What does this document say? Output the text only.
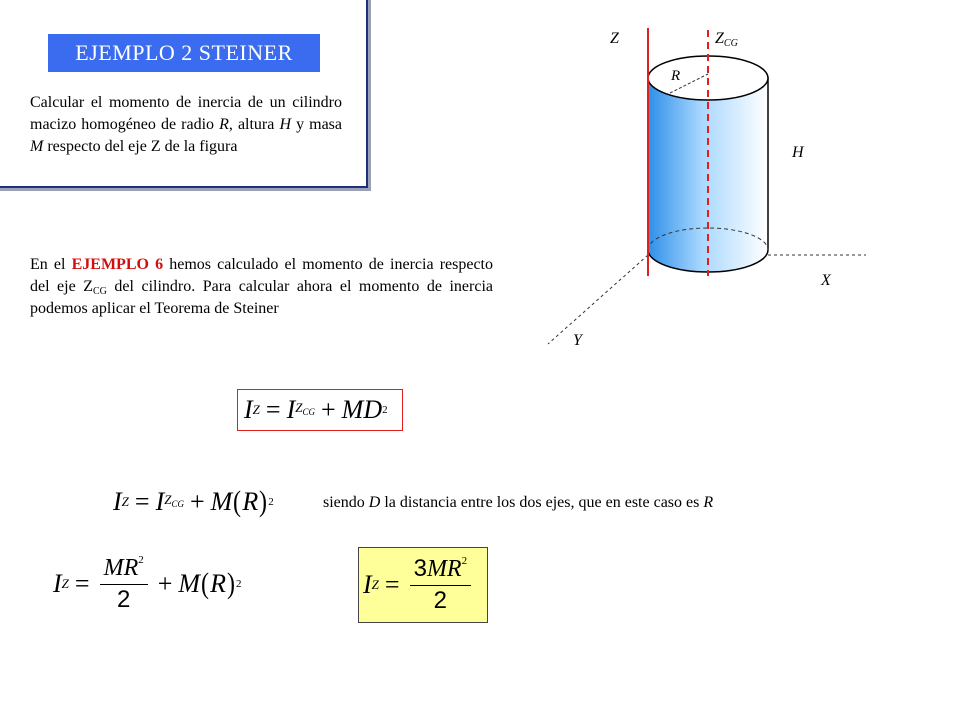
EJEMPLO 2 STEINER
Calcular el momento de inercia de un cilindro macizo homogéneo de radio R, altura H y masa M respecto del eje Z de la figura
En el EJEMPLO 6 hemos calculado el momento de inercia respecto del eje $Z_{CG}$ del cilindro. Para calcular ahora el momento de inercia podemos aplicar el Teorema de Steiner
Z	ZCG
R
H
X
Y
I Z = I $Z_{CG}$ + MD 2
I Z = I $Z_{CG} + M$ ( R ) 2	siendo D la distancia entre los dos ejes, que en este caso es R
I $Z = \frac{MR^2}{2} + M$ ( R ) 2	I $Z = \frac{3MR^2}{2}$
